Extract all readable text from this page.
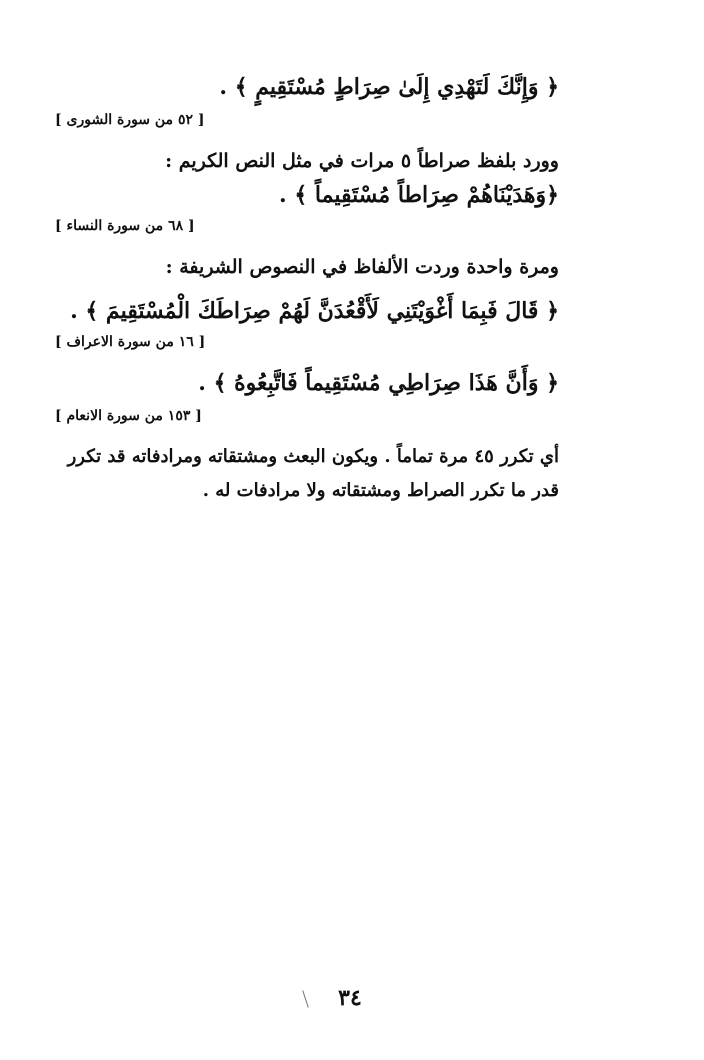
﴿ وَإِنَّكَ لَتَهْدِي إِلَىٰ صِرَاطٍ مُسْتَقِيمٍ ﴾ .
[ ٥٢ من سورة الشورى ]
وورد بلفظ صراطاً ٥ مرات في مثل النص الكريم :
﴿وَهَدَيْنَاهُمْ صِرَاطاً مُسْتَقِيماً ﴾ .
[ ٦٨ من سورة النساء ]
ومرة واحدة وردت الألفاظ في النصوص الشريفة :
﴿ قَالَ فَبِمَا أَغْوَيْتَنِي لَأَقْعُدَنَّ لَهُمْ صِرَاطَكَ الْمُسْتَقِيمَ ﴾ .
[ ١٦ من سورة الاعراف ]
﴿ وَأَنَّ هَذَا صِرَاطِي مُسْتَقِيماً فَاتَّبِعُوهُ ﴾ .
[ ١٥٣ من سورة الانعام ]
أي تكرر ٤٥ مرة تماماً . ويكون البعث ومشتقاته ومرادفاته قد تكرر
قدر ما تكرر الصراط ومشتقاته ولا مرادفات له .
٣٤
